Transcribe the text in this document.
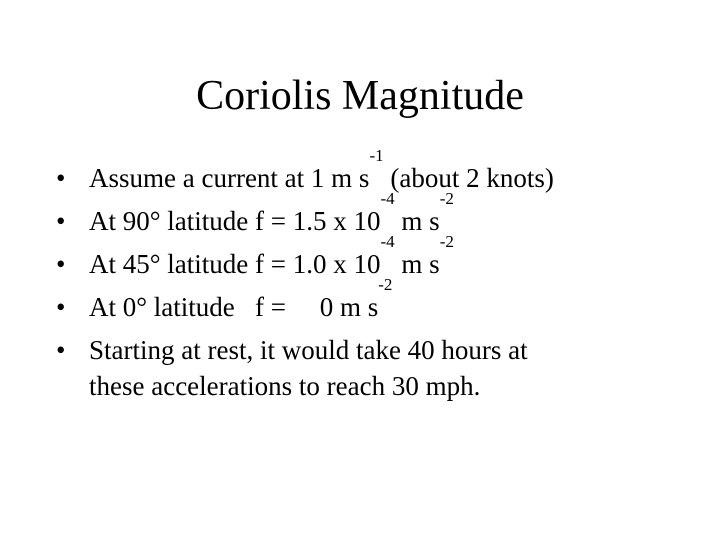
Coriolis Magnitude
• Assume a current at 1 m $s^{-1}$ (about 2 knots)
• At 90° latitude f = 1.5 x $10^{-4}$ m $s^{-2}$
• At 45° latitude f = 1.0 x $10^{-4}$ m $s^{-2}$
• At 0° latitude   f =     0 m $s^{-2}$
• Starting at rest, it would take 40 hours at
these accelerations to reach 30 mph.
